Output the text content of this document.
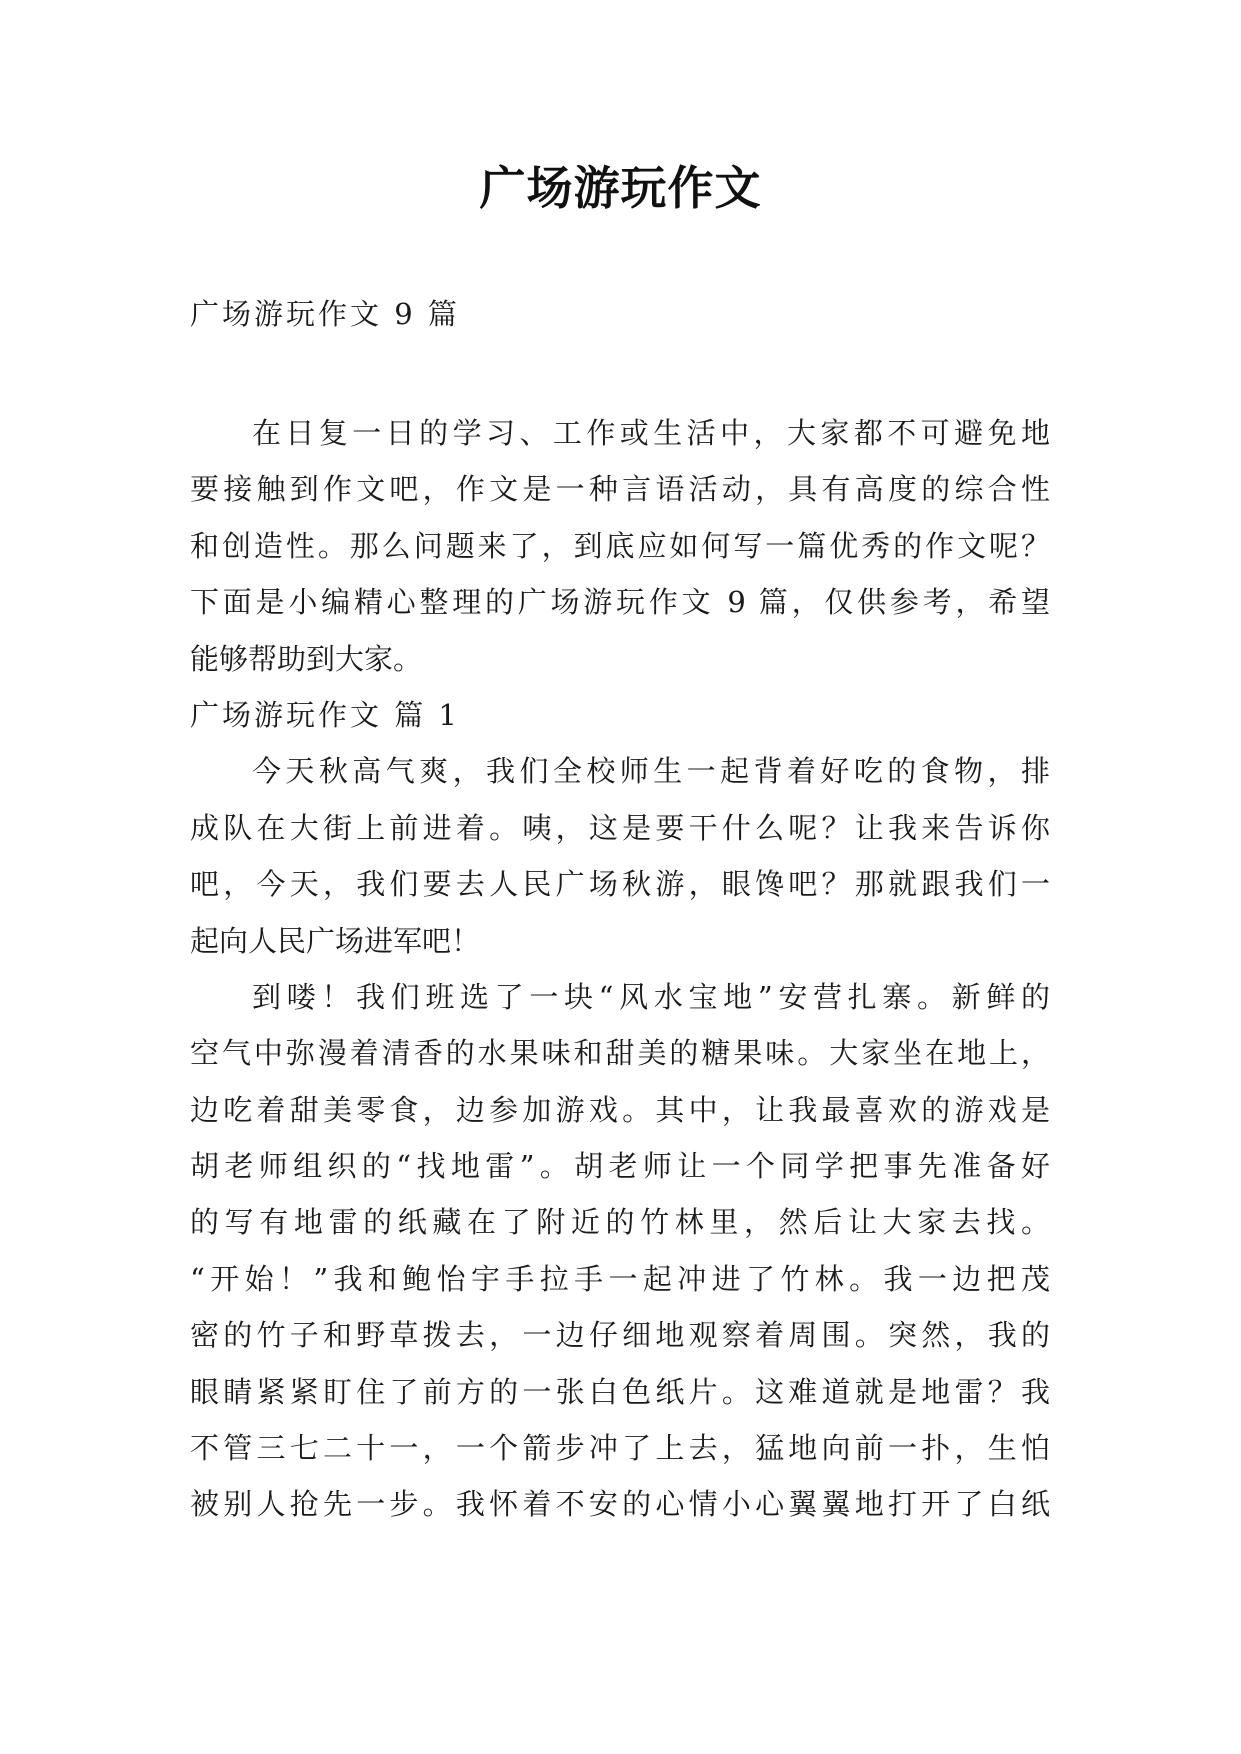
广场游玩作文
广场游玩作文 9 篇
在日复一日的学习、工作或生活中，大家都不可避免地
要接触到作文吧，作文是一种言语活动，具有高度的综合性
和创造性。那么问题来了，到底应如何写一篇优秀的作文呢？
下面是小编精心整理的广场游玩作文 9 篇，仅供参考，希望
能够帮助到大家。
广场游玩作文 篇 1
今天秋高气爽，我们全校师生一起背着好吃的食物，排
成队在大街上前进着。咦，这是要干什么呢？让我来告诉你
吧，今天，我们要去人民广场秋游，眼馋吧？那就跟我们一
起向人民广场进军吧！
到喽！我们班选了一块“风水宝地”安营扎寨。新鲜的
空气中弥漫着清香的水果味和甜美的糖果味。大家坐在地上，
边吃着甜美零食，边参加游戏。其中，让我最喜欢的游戏是
胡老师组织的“找地雷”。胡老师让一个同学把事先准备好
的写有地雷的纸藏在了附近的竹林里，然后让大家去找。
“开始！”我和鲍怡宇手拉手一起冲进了竹林。我一边把茂
密的竹子和野草拨去，一边仔细地观察着周围。突然，我的
眼睛紧紧盯住了前方的一张白色纸片。这难道就是地雷？我
不管三七二十一，一个箭步冲了上去，猛地向前一扑，生怕
被别人抢先一步。我怀着不安的心情小心翼翼地打开了白纸
